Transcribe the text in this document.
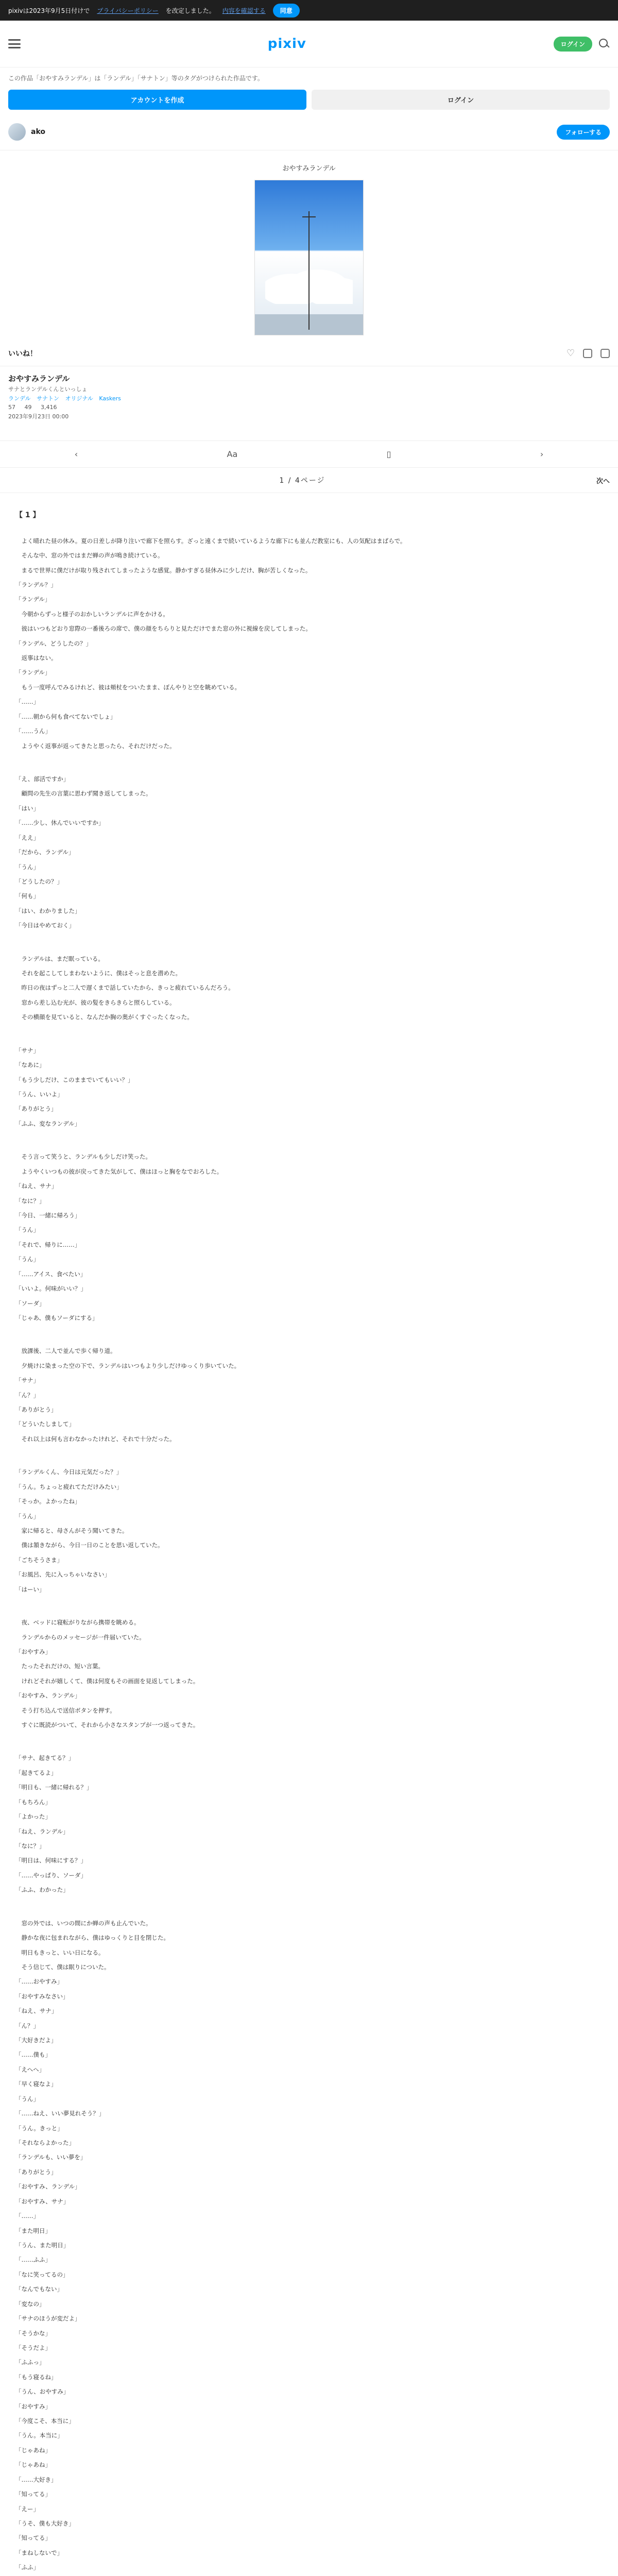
pixivは2023年9月5日付けで プライバシーポリシー を改定しました。 内容を確認する	同意
pixiv	ログイン
この作品「おやすみランデル」は「ランデル」「サナトン」等のタグがつけられた作品です。
アカウントを作成	ログイン
ako	フォローする
おやすみランデル
いいね！	♡
おやすみランデル
サナとランデルくんといっしょ
ランデル サナトン オリジナル Kaskers
57 49 3,416
2023年9月23日 00:00
‹	Aa	▯	›
1 / 4ページ	次へ
【 1 】

　よく晴れた昼の休み。夏の日差しが降り注いで廊下を照らす。ざっと遠くまで続いているような廊下にも並んだ教室にも、人の気配はまばらで。

　そんな中、窓の外ではまだ蝉の声が鳴き続けている。

　まるで世界に僕だけが取り残されてしまったような感覚。静かすぎる昼休みに少しだけ、胸が苦しくなった。

「ランデル？」

「ランデル」

　今朝からずっと様子のおかしいランデルに声をかける。

　彼はいつもどおり窓際の一番後ろの席で、僕の顔をちらりと見ただけでまた窓の外に視線を戻してしまった。

「ランデル、どうしたの？」

　返事はない。

「ランデル」

　もう一度呼んでみるけれど、彼は頬杖をついたまま、ぼんやりと空を眺めている。

「……」

「……朝から何も食べてないでしょ」

「……うん」

　ようやく返事が返ってきたと思ったら、それだけだった。

「え、部活ですか」

　顧問の先生の言葉に思わず聞き返してしまった。

「はい」

「……少し、休んでいいですか」

「ええ」

「だから、ランデル」

「うん」

「どうしたの？」

「何も」

「はい、わかりました」

「今日はやめておく」

　ランデルは、まだ眠っている。

　それを起こしてしまわないように、僕はそっと息を潜めた。

　昨日の夜はずっと二人で遅くまで話していたから、きっと疲れているんだろう。

　窓から差し込む光が、彼の髪をきらきらと照らしている。

　その横顔を見ていると、なんだか胸の奥がくすぐったくなった。

「サナ」

「なあに」

「もう少しだけ、このままでいてもいい？」

「うん、いいよ」

「ありがとう」

「ふふ、変なランデル」

　そう言って笑うと、ランデルも少しだけ笑った。

　ようやくいつもの彼が戻ってきた気がして、僕はほっと胸をなでおろした。

「ねえ、サナ」

「なに？」

「今日、一緒に帰ろう」

「うん」

「それで、帰りに……」

「うん」

「……アイス、食べたい」

「いいよ。何味がいい？」

「ソーダ」

「じゃあ、僕もソーダにする」

　放課後、二人で並んで歩く帰り道。

　夕焼けに染まった空の下で、ランデルはいつもより少しだけゆっくり歩いていた。

「サナ」

「ん？」

「ありがとう」

「どういたしまして」

　それ以上は何も言わなかったけれど、それで十分だった。

「ランデルくん、今日は元気だった？」

「うん。ちょっと疲れてただけみたい」

「そっか。よかったね」

「うん」

　家に帰ると、母さんがそう聞いてきた。

　僕は頷きながら、今日一日のことを思い返していた。

「ごちそうさま」

「お風呂、先に入っちゃいなさい」

「はーい」

　夜、ベッドに寝転がりながら携帯を眺める。

　ランデルからのメッセージが一件届いていた。

「おやすみ」

　たったそれだけの、短い言葉。

　けれどそれが嬉しくて、僕は何度もその画面を見返してしまった。

「おやすみ、ランデル」

　そう打ち込んで送信ボタンを押す。

　すぐに既読がついて、それから小さなスタンプが一つ返ってきた。

「サナ、起きてる？」

「起きてるよ」

「明日も、一緒に帰れる？」

「もちろん」

「よかった」

「ねえ、ランデル」

「なに？」

「明日は、何味にする？」

「……やっぱり、ソーダ」

「ふふ、わかった」

　窓の外では、いつの間にか蝉の声も止んでいた。

　静かな夜に包まれながら、僕はゆっくりと目を閉じた。

　明日もきっと、いい日になる。

　そう信じて、僕は眠りについた。

「……おやすみ」

「おやすみなさい」

「ねえ、サナ」

「ん？」

「大好きだよ」

「……僕も」

「えへへ」

「早く寝なよ」

「うん」

「……ねえ、いい夢見れそう？」

「うん。きっと」

「それならよかった」

「ランデルも、いい夢を」

「ありがとう」

「おやすみ、ランデル」

「おやすみ、サナ」

「……」

「また明日」

「うん、また明日」

「……ふふ」

「なに笑ってるの」

「なんでもない」

「変なの」

「サナのほうが変だよ」

「そうかな」

「そうだよ」

「ふふっ」

「もう寝るね」

「うん、おやすみ」

「おやすみ」

「今度こそ、本当に」

「うん。本当に」

「じゃあね」

「じゃあね」

「……大好き」

「知ってる」

「えー」

「うそ、僕も大好き」

「知ってる」

「まねしないで」

「ふふ」
